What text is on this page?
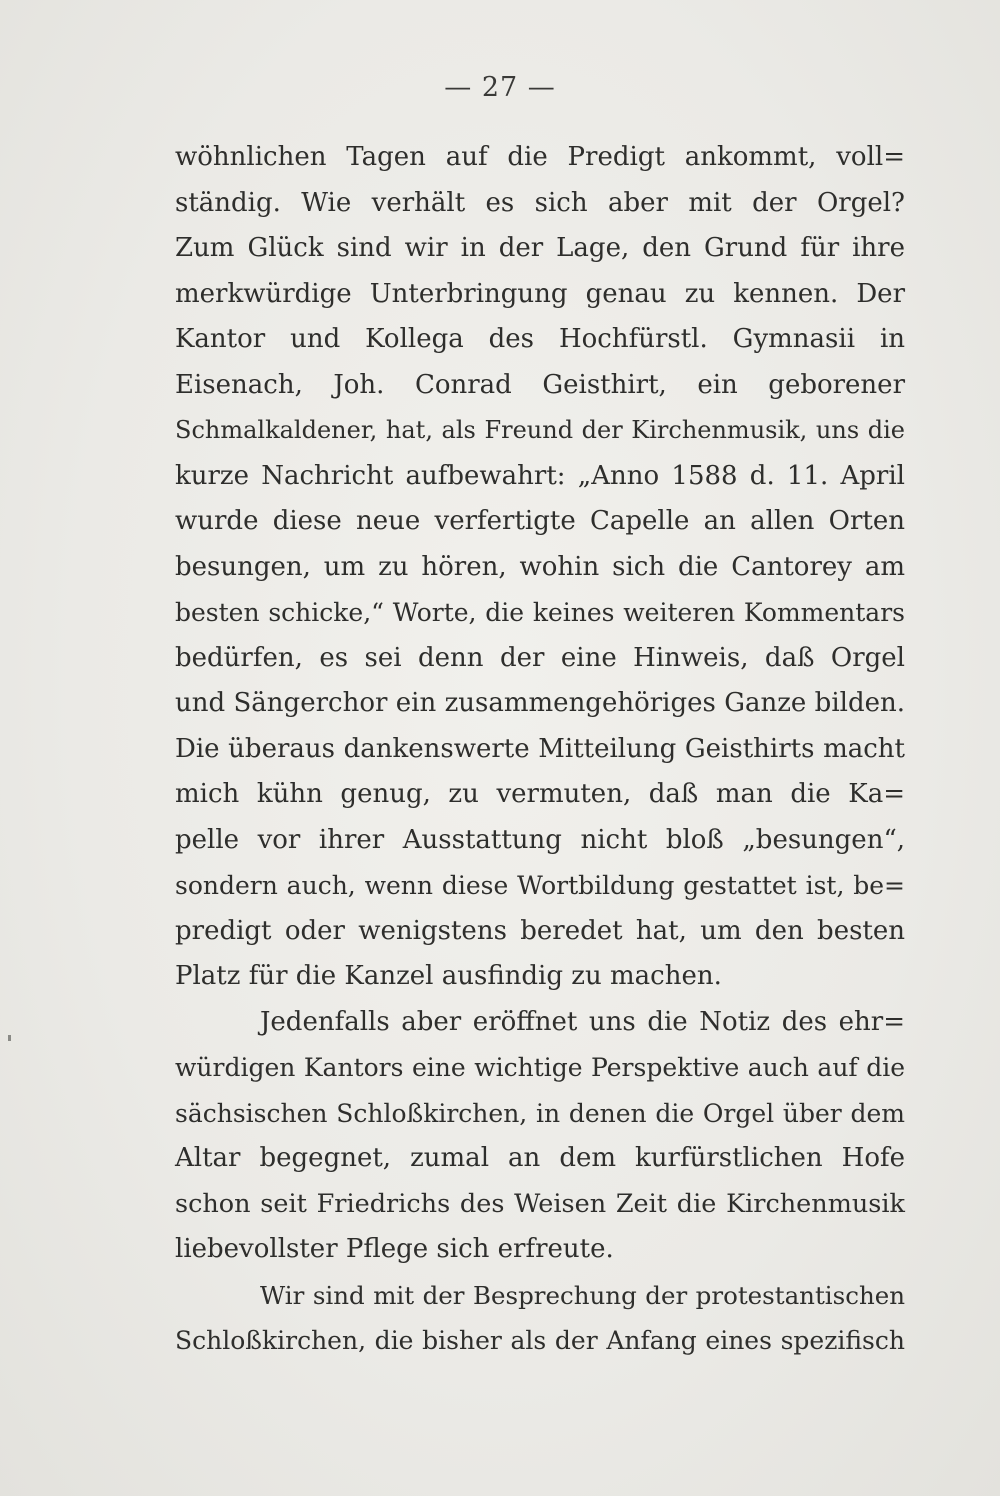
— 27 —
wöhnlichen Tagen auf die Predigt ankommt, voll=
ständig. Wie verhält es sich aber mit der Orgel?
Zum Glück sind wir in der Lage, den Grund für ihre
merkwürdige Unterbringung genau zu kennen. Der
Kantor und Kollega des Hochfürstl. Gymnasii in
Eisenach, Joh. Conrad Geisthirt, ein geborener
Schmalkaldener, hat, als Freund der Kirchenmusik, uns die
kurze Nachricht aufbewahrt: „Anno 1588 d. 11. April
wurde diese neue verfertigte Capelle an allen Orten
besungen, um zu hören, wohin sich die Cantorey am
besten schicke,“ Worte, die keines weiteren Kommentars
bedürfen, es sei denn der eine Hinweis, daß Orgel
und Sängerchor ein zusammengehöriges Ganze bilden.
Die überaus dankenswerte Mitteilung Geisthirts macht
mich kühn genug, zu vermuten, daß man die Ka=
pelle vor ihrer Ausstattung nicht bloß „besungen“,
sondern auch, wenn diese Wortbildung gestattet ist, be=
predigt oder wenigstens beredet hat, um den besten
Platz für die Kanzel ausfindig zu machen.
Jedenfalls aber eröffnet uns die Notiz des ehr=
würdigen Kantors eine wichtige Perspektive auch auf die
sächsischen Schloßkirchen, in denen die Orgel über dem
Altar begegnet, zumal an dem kurfürstlichen Hofe
schon seit Friedrichs des Weisen Zeit die Kirchenmusik
liebevollster Pflege sich erfreute.
Wir sind mit der Besprechung der protestantischen
Schloßkirchen, die bisher als der Anfang eines spezifisch
